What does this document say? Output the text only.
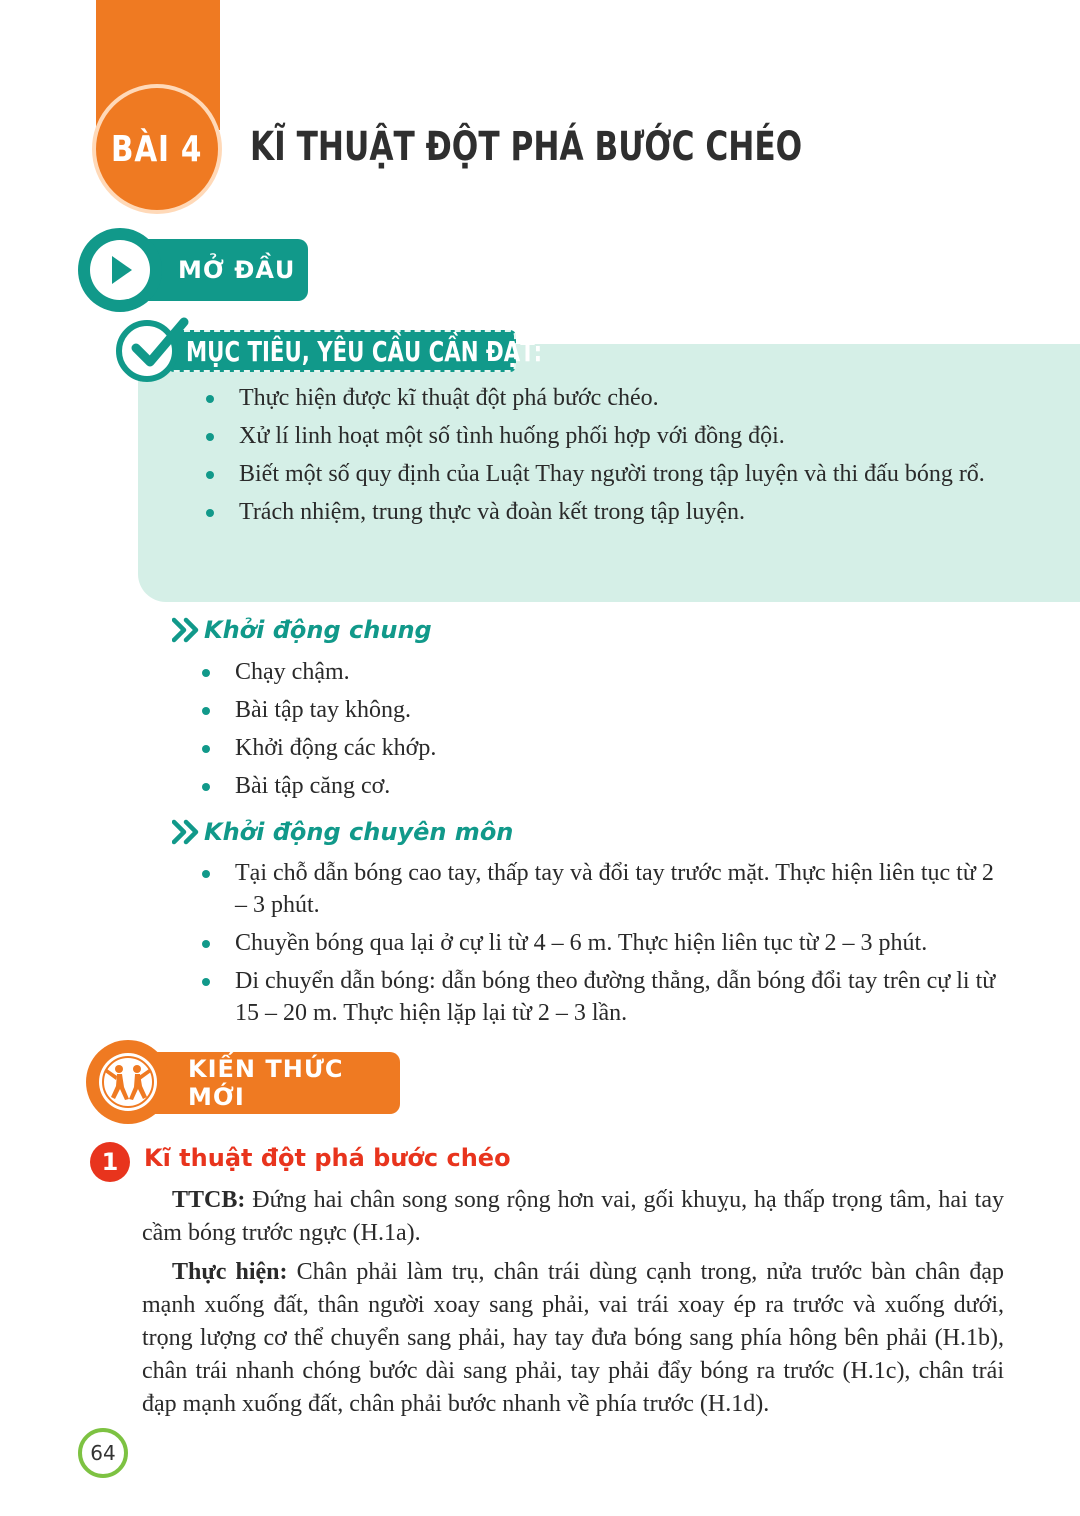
BÀI 4 KĨ THUẬT ĐỘT PHÁ BƯỚC CHÉO
MỞ ĐẦU
MỤC TIÊU, YÊU CẦU CẦN ĐẠT:
Thực hiện được kĩ thuật đột phá bước chéo.
Xử lí linh hoạt một số tình huống phối hợp với đồng đội.
Biết một số quy định của Luật Thay người trong tập luyện và thi đấu bóng rổ.
Trách nhiệm, trung thực và đoàn kết trong tập luyện.
Khởi động chung
Chạy chậm.
Bài tập tay không.
Khởi động các khớp.
Bài tập căng cơ.
Khởi động chuyên môn
Tại chỗ dẫn bóng cao tay, thấp tay và đổi tay trước mặt. Thực hiện liên tục từ 2 – 3 phút.
Chuyền bóng qua lại ở cự li từ 4 – 6 m. Thực hiện liên tục từ 2 – 3 phút.
Di chuyển dẫn bóng: dẫn bóng theo đường thẳng, dẫn bóng đổi tay trên cự li từ 15 – 20 m. Thực hiện lặp lại từ 2 – 3 lần.
KIẾN THỨC MỚI
1	Kĩ thuật đột phá bước chéo
TTCB: Đứng hai chân song song rộng hơn vai, gối khuỵu, hạ thấp trọng tâm, hai tay cầm bóng trước ngực (H.1a).
Thực hiện: Chân phải làm trụ, chân trái dùng cạnh trong, nửa trước bàn chân đạp mạnh xuống đất, thân người xoay sang phải, vai trái xoay ép ra trước và xuống dưới, trọng lượng cơ thể chuyển sang phải, hay tay đưa bóng sang phía hông bên phải (H.1b), chân trái nhanh chóng bước dài sang phải, tay phải đẩy bóng ra trước (H.1c), chân trái đạp mạnh xuống đất, chân phải bước nhanh về phía trước (H.1d).
64
